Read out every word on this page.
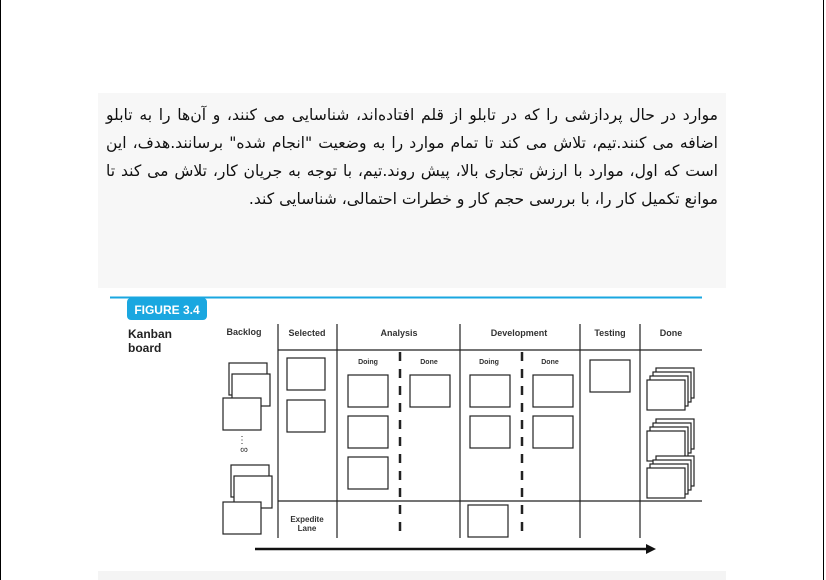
موارد در حال پردازشی را که در تابلو از قلم افتاده‌اند، شناسایی می کنند، و آن‌ها را به تابلو اضافه می کنند.تیم، تلاش می کند تا تمام موارد را به وضعیت "انجام شده" برسانند.هدف، این است که اول، موارد با ارزش تجاری بالا، پیش روند.تیم، با توجه به جریان کار، تلاش می کند تا موانع تکمیل کار را، با بررسی حجم کار و خطرات احتمالی، شناسایی کند.

FIGURE 3.4
Kanban
board
Backlog	Selected	Analysis	Development	Testing	Done
Doing	Done	Doing	Done
Expedite
Lane
⋮
∞
